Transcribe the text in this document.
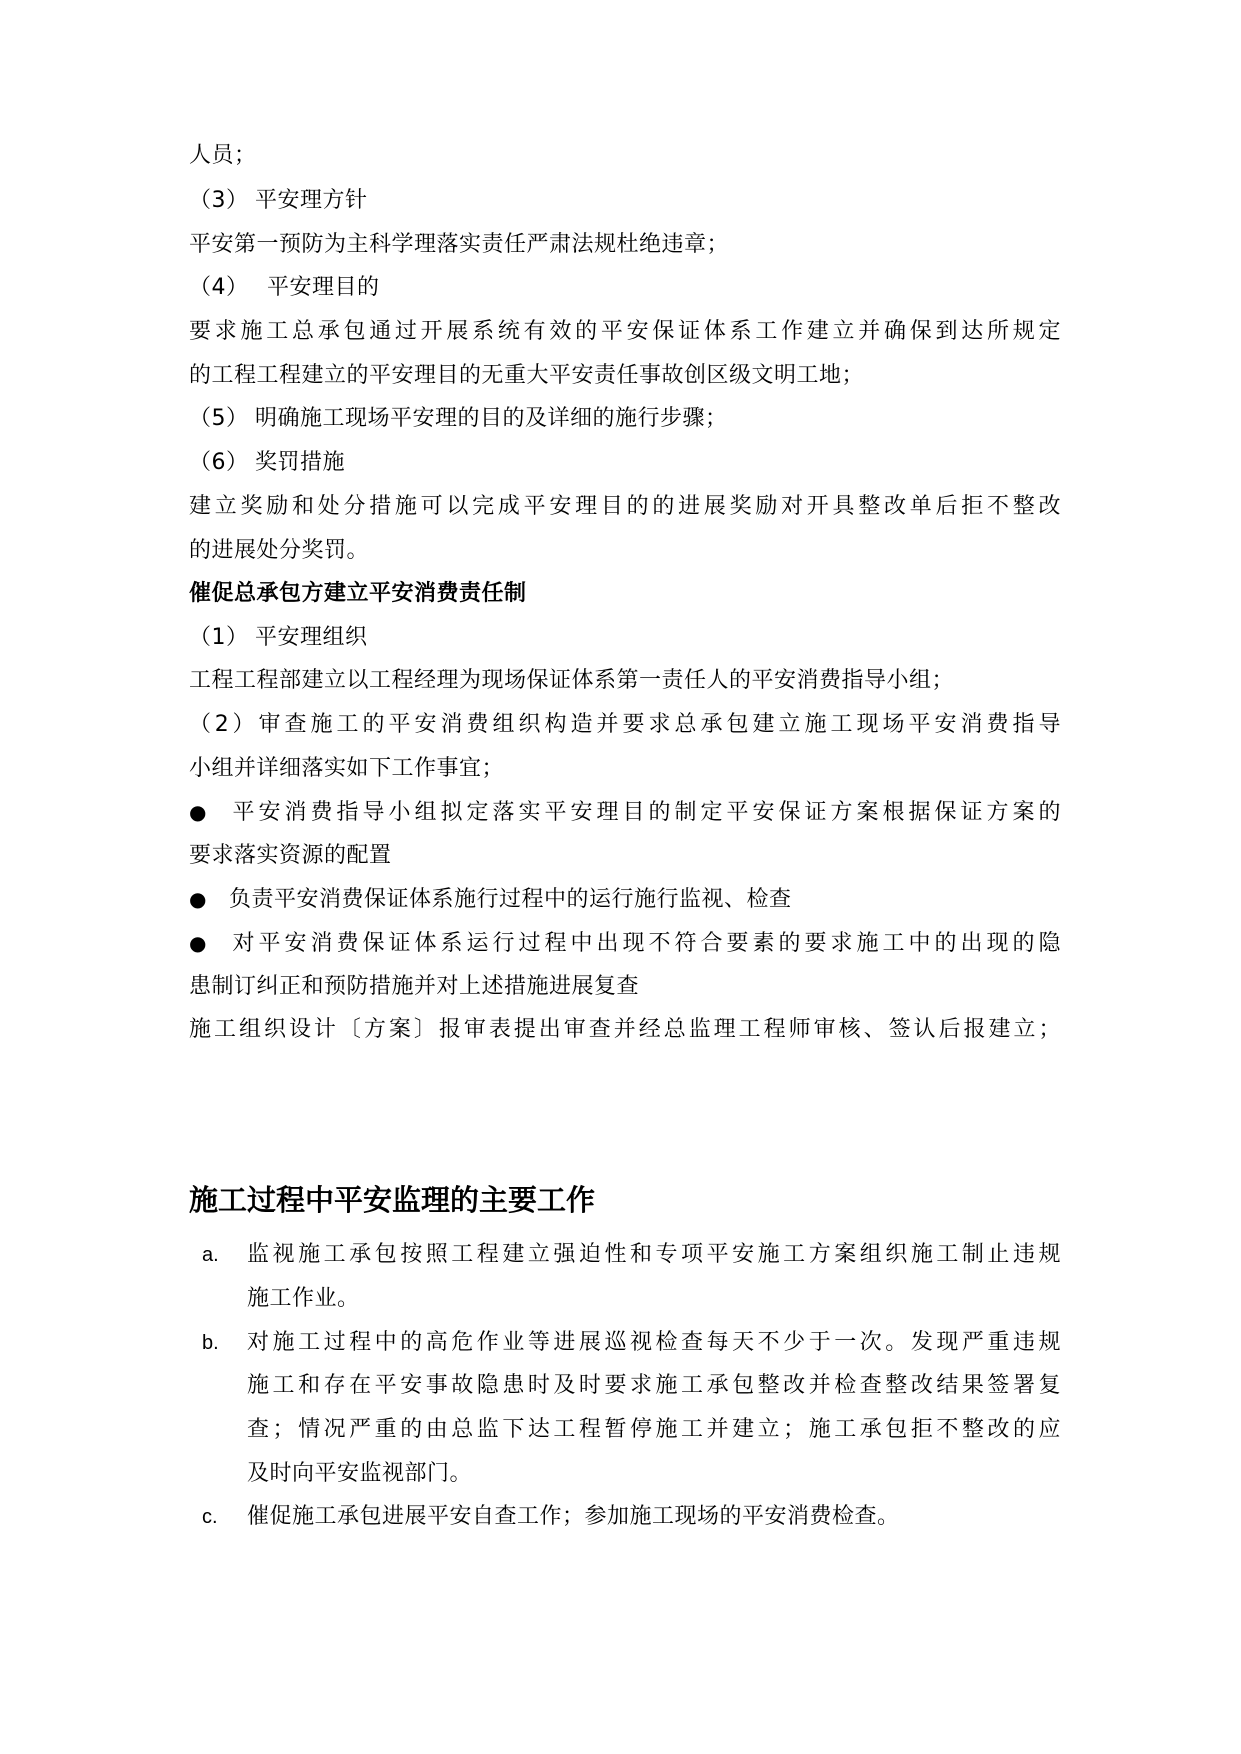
人员；
（3） 平安理方针
平安第一预防为主科学理落实责任严肃法规杜绝违章；
（4） 平安理目的
要求施工总承包通过开展系统有效的平安保证体系工作建立并确保到达所规定
的工程工程建立的平安理目的无重大平安责任事故创区级文明工地；
（5） 明确施工现场平安理的目的及详细的施行步骤；
（6） 奖罚措施
建立奖励和处分措施可以完成平安理目的的进展奖励对开具整改单后拒不整改
的进展处分奖罚。
催促总承包方建立平安消费责任制
（1） 平安理组织
工程工程部建立以工程经理为现场保证体系第一责任人的平安消费指导小组；
（2）审查施工的平安消费组织构造并要求总承包建立施工现场平安消费指导
小组并详细落实如下工作事宜；
● 平安消费指导小组拟定落实平安理目的制定平安保证方案根据保证方案的
要求落实资源的配置
● 负责平安消费保证体系施行过程中的运行施行监视、检查
● 对平安消费保证体系运行过程中出现不符合要素的要求施工中的出现的隐
患制订纠正和预防措施并对上述措施进展复查
施工组织设计〔方案〕报审表提出审查并经总监理工程师审核、签认后报建立；
施工过程中平安监理的主要工作
a. 监视施工承包按照工程建立强迫性和专项平安施工方案组织施工制止违规
施工作业。
b. 对施工过程中的高危作业等进展巡视检查每天不少于一次。发现严重违规
施工和存在平安事故隐患时及时要求施工承包整改并检查整改结果签署复
查；情况严重的由总监下达工程暂停施工并建立；施工承包拒不整改的应
及时向平安监视部门。
c. 催促施工承包进展平安自查工作；参加施工现场的平安消费检查。
